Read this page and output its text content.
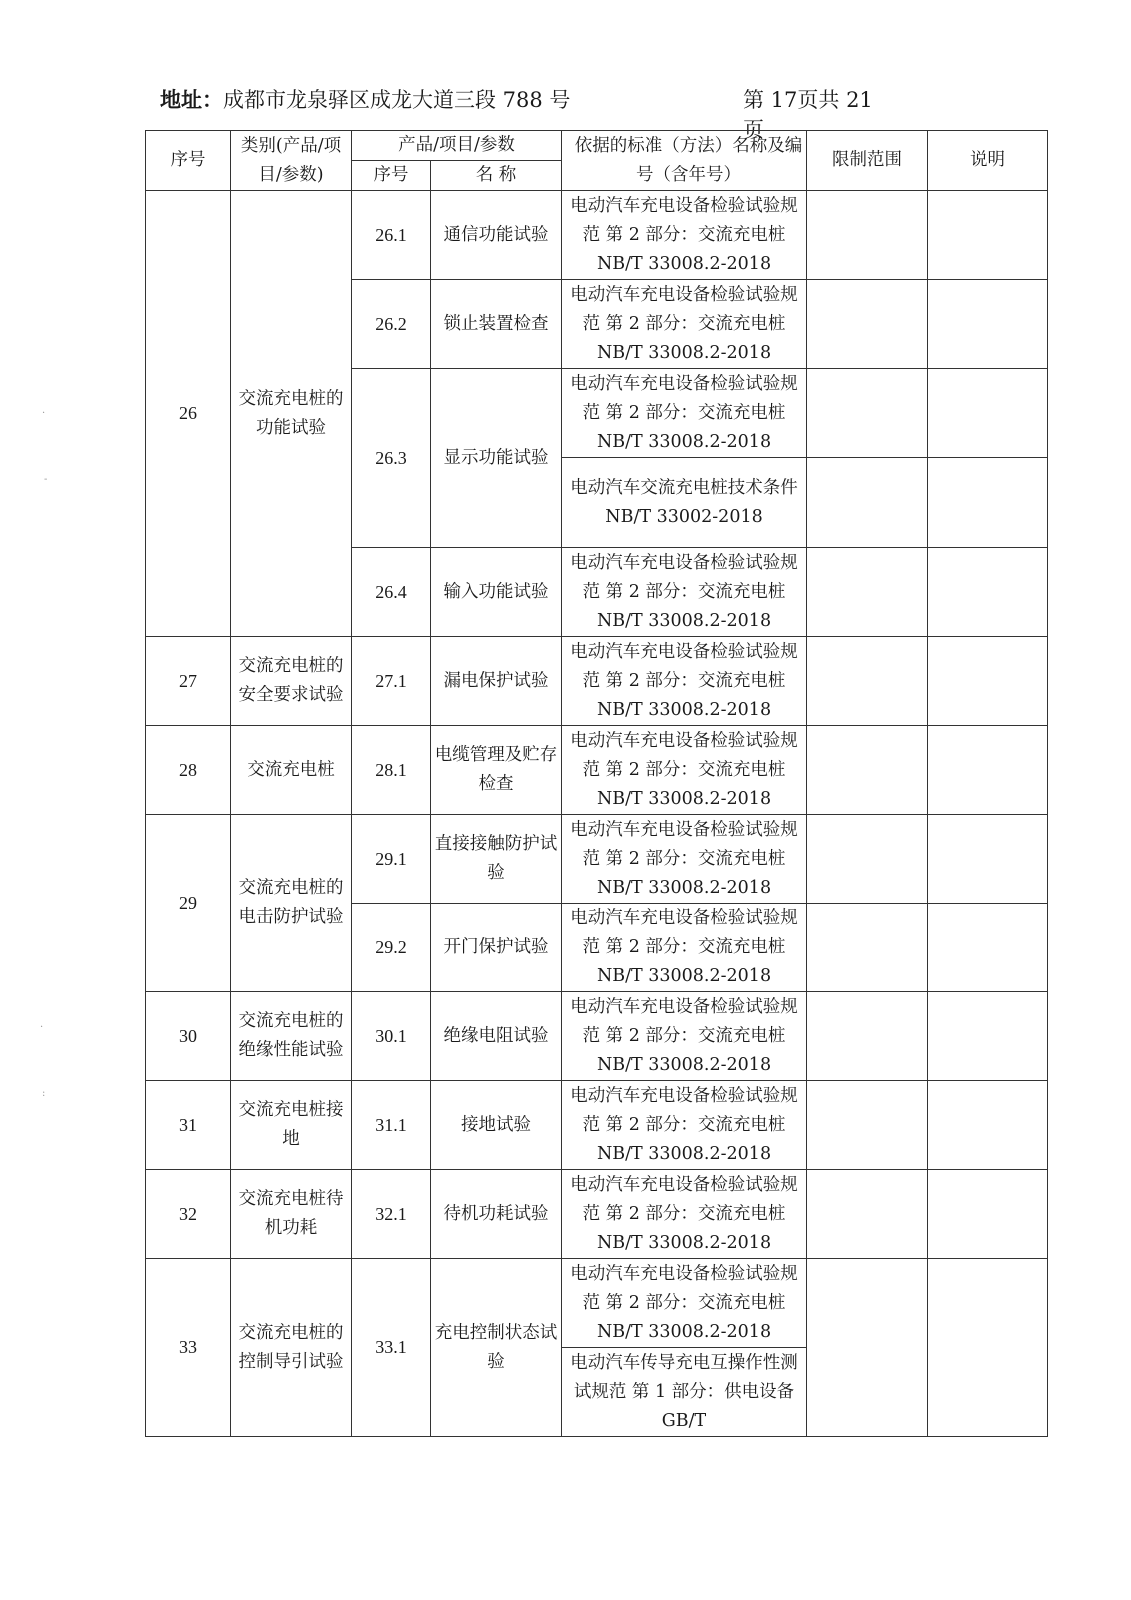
地址：成都市龙泉驿区成龙大道三段 788 号	第 17页共 21 页
序号	类别(产品/项目/参数)	产品/项目/参数		依据的标准（方法）名称及编号（含年号）	限制范围	说明
		序号	名 称			
26	交流充电桩的功能试验	26.1	通信功能试验	电动汽车充电设备检验试验规范 第 2 部分：交流充电桩 NB/T 33008.2-2018		
		26.2	锁止装置检查	电动汽车充电设备检验试验规范 第 2 部分：交流充电桩 NB/T 33008.2-2018		
		26.3	显示功能试验	电动汽车充电设备检验试验规范 第 2 部分：交流充电桩 NB/T 33008.2-2018		
				电动汽车交流充电桩技术条件 NB/T 33002-2018		
		26.4	输入功能试验	电动汽车充电设备检验试验规范 第 2 部分：交流充电桩 NB/T 33008.2-2018		
27	交流充电桩的安全要求试验	27.1	漏电保护试验	电动汽车充电设备检验试验规范 第 2 部分：交流充电桩 NB/T 33008.2-2018		
28	交流充电桩	28.1	电缆管理及贮存检查	电动汽车充电设备检验试验规范 第 2 部分：交流充电桩 NB/T 33008.2-2018		
29	交流充电桩的电击防护试验	29.1	直接接触防护试验	电动汽车充电设备检验试验规范 第 2 部分：交流充电桩 NB/T 33008.2-2018		
		29.2	开门保护试验	电动汽车充电设备检验试验规范 第 2 部分：交流充电桩 NB/T 33008.2-2018		
30	交流充电桩的绝缘性能试验	30.1	绝缘电阻试验	电动汽车充电设备检验试验规范 第 2 部分：交流充电桩 NB/T 33008.2-2018		
31	交流充电桩接地	31.1	接地试验	电动汽车充电设备检验试验规范 第 2 部分：交流充电桩 NB/T 33008.2-2018		
32	交流充电桩待机功耗	32.1	待机功耗试验	电动汽车充电设备检验试验规范 第 2 部分：交流充电桩 NB/T 33008.2-2018		
33	交流充电桩的控制导引试验	33.1	充电控制状态试验	电动汽车充电设备检验试验规范 第 2 部分：交流充电桩 NB/T 33008.2-2018		
				电动汽车传导充电互操作性测试规范 第 1 部分：供电设备 GB/T		
·
-
·
:
